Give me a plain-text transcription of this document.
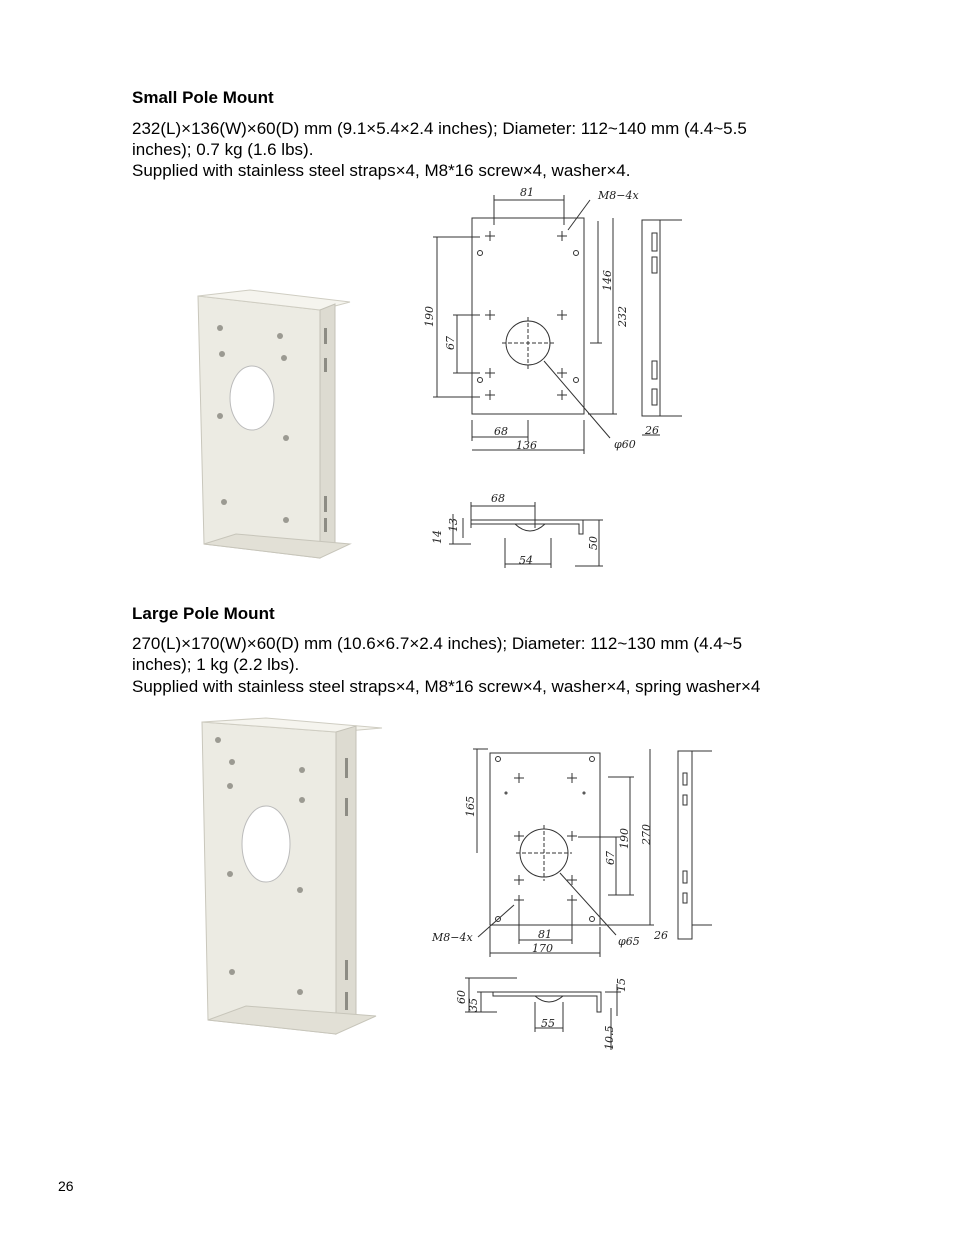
Small Pole Mount

232(L)×136(W)×60(D) mm (9.1×5.4×2.4 inches); Diameter: 112~140 mm (4.4~5.5

inches); 0.7 kg (1.6 lbs).

Supplied with stainless steel straps×4, M8*16 screw×4, washer×4.

81	M8−4x
146
232
190
67
68
136	φ60
26
68
14
13
54
50
Large Pole Mount

270(L)×170(W)×60(D) mm (10.6×6.7×2.4 inches); Diameter: 112~130 mm (4.4~5

inches); 1 kg (2.2 lbs).

Supplied with stainless steel straps×4, M8*16 screw×4, washer×4, spring washer×4

165
190 270
67
M8−4x	81
170
φ65 26
60
35
55
15
10.5
26
